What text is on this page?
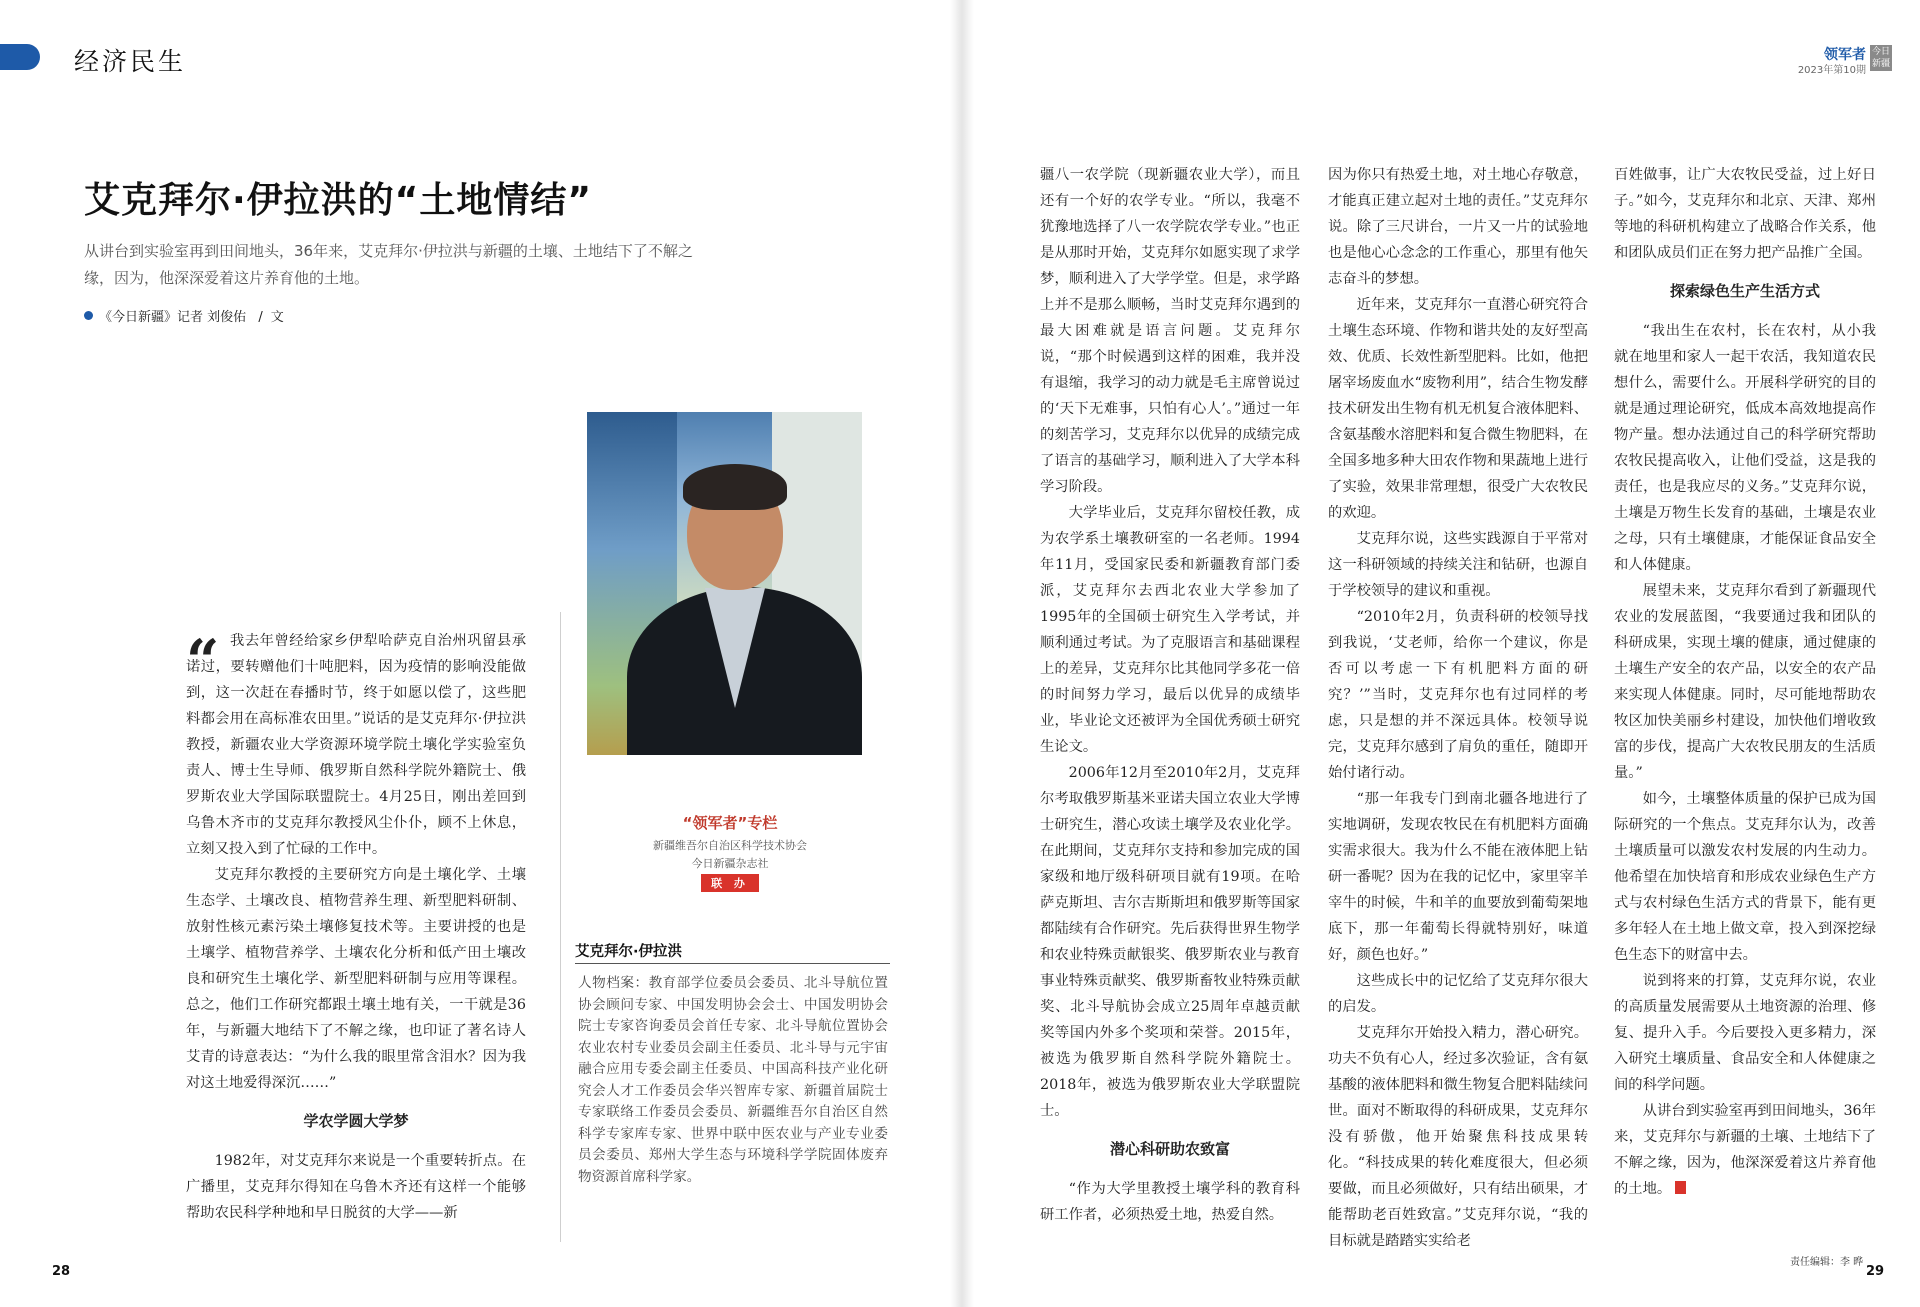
经济民生	领军者
2023年第10期
今日新疆
艾克拜尔·伊拉洪的“土地情结”
从讲台到实验室再到田间地头，36年来，艾克拜尔·伊拉洪与新疆的土壤、土地结下了不解之缘，因为，他深深爱着这片养育他的土地。
《今日新疆》记者 刘俊佑 / 文
“ 我去年曾经给家乡伊犁哈萨克自治州巩留县承诺过，要转赠他们十吨肥料，因为疫情的影响没能做到，这一次赶在春播时节，终于如愿以偿了，这些肥料都会用在高标准农田里。”说话的是艾克拜尔·伊拉洪教授，新疆农业大学资源环境学院土壤化学实验室负责人、博士生导师、俄罗斯自然科学院外籍院士、俄罗斯农业大学国际联盟院士。4月25日，刚出差回到乌鲁木齐市的艾克拜尔教授风尘仆仆，顾不上休息，立刻又投入到了忙碌的工作中。

艾克拜尔教授的主要研究方向是土壤化学、土壤生态学、土壤改良、植物营养生理、新型肥料研制、放射性核元素污染土壤修复技术等。主要讲授的也是土壤学、植物营养学、土壤农化分析和低产田土壤改良和研究生土壤化学、新型肥料研制与应用等课程。总之，他们工作研究都跟土壤土地有关，一干就是36年，与新疆大地结下了不解之缘，也印证了著名诗人艾青的诗意表达：“为什么我的眼里常含泪水？因为我对这土地爱得深沉……”

学农学圆大学梦

1982年，对艾克拜尔来说是一个重要转折点。在广播里，艾克拜尔得知在乌鲁木齐还有这样一个能够帮助农民科学种地和早日脱贫的大学——新

“领军者”专栏
新疆维吾尔自治区科学技术协会
今日新疆杂志社
联 办
艾克拜尔·伊拉洪
人物档案：教育部学位委员会委员、北斗导航位置协会顾问专家、中国发明协会会士、中国发明协会院士专家咨询委员会首任专家、北斗导航位置协会农业农村专业委员会副主任委员、北斗导与元宇宙融合应用专委会副主任委员、中国高科技产业化研究会人才工作委员会华兴智库专家、新疆首届院士专家联络工作委员会委员、新疆维吾尔自治区自然科学专家库专家、世界中联中医农业与产业专业委员会委员、郑州大学生态与环境科学学院固体废弃物资源首席科学家。

疆八一农学院（现新疆农业大学），而且还有一个好的农学专业。“所以，我毫不犹豫地选择了八一农学院农学专业。”也正是从那时开始，艾克拜尔如愿实现了求学梦，顺利进入了大学学堂。但是，求学路上并不是那么顺畅，当时艾克拜尔遇到的最大困难就是语言问题。艾克拜尔说，“那个时候遇到这样的困难，我并没有退缩，我学习的动力就是毛主席曾说过的‘天下无难事，只怕有心人’。”通过一年的刻苦学习，艾克拜尔以优异的成绩完成了语言的基础学习，顺利进入了大学本科学习阶段。

大学毕业后，艾克拜尔留校任教，成为农学系土壤教研室的一名老师。1994年11月，受国家民委和新疆教育部门委派，艾克拜尔去西北农业大学参加了1995年的全国硕士研究生入学考试，并顺利通过考试。为了克服语言和基础课程上的差异，艾克拜尔比其他同学多花一倍的时间努力学习，最后以优异的成绩毕业，毕业论文还被评为全国优秀硕士研究生论文。

2006年12月至2010年2月，艾克拜尔考取俄罗斯基米亚诺夫国立农业大学博士研究生，潜心攻读土壤学及农业化学。在此期间，艾克拜尔支持和参加完成的国家级和地厅级科研项目就有19项。在哈萨克斯坦、吉尔吉斯斯坦和俄罗斯等国家都陆续有合作研究。先后获得世界生物学和农业特殊贡献银奖、俄罗斯农业与教育事业特殊贡献奖、俄罗斯畜牧业特殊贡献奖、北斗导航协会成立25周年卓越贡献奖等国内外多个奖项和荣誉。2015年，被选为俄罗斯自然科学院外籍院士。2018年，被选为俄罗斯农业大学联盟院士。

潜心科研助农致富

“作为大学里教授土壤学科的教育科研工作者，必须热爱土地，热爱自然。

因为你只有热爱土地，对土地心存敬意，才能真正建立起对土地的责任。”艾克拜尔说。除了三尺讲台，一片又一片的试验地也是他心心念念的工作重心，那里有他矢志奋斗的梦想。

近年来，艾克拜尔一直潜心研究符合土壤生态环境、作物和谐共处的友好型高效、优质、长效性新型肥料。比如，他把屠宰场废血水“废物利用”，结合生物发酵技术研发出生物有机无机复合液体肥料、含氨基酸水溶肥料和复合微生物肥料，在全国多地多种大田农作物和果蔬地上进行了实验，效果非常理想，很受广大农牧民的欢迎。

艾克拜尔说，这些实践源自于平常对这一科研领域的持续关注和钻研，也源自于学校领导的建议和重视。

“2010年2月，负责科研的校领导找到我说，‘艾老师，给你一个建议，你是否可以考虑一下有机肥料方面的研究？’”当时，艾克拜尔也有过同样的考虑，只是想的并不深远具体。校领导说完，艾克拜尔感到了肩负的重任，随即开始付诸行动。

“那一年我专门到南北疆各地进行了实地调研，发现农牧民在有机肥料方面确实需求很大。我为什么不能在液体肥上钻研一番呢？因为在我的记忆中，家里宰羊宰牛的时候，牛和羊的血要放到葡萄架地底下，那一年葡萄长得就特别好，味道好，颜色也好。”

这些成长中的记忆给了艾克拜尔很大的启发。

艾克拜尔开始投入精力，潜心研究。功夫不负有心人，经过多次验证，含有氨基酸的液体肥料和微生物复合肥料陆续问世。面对不断取得的科研成果，艾克拜尔没有骄傲，他开始聚焦科技成果转化。“科技成果的转化难度很大，但必须要做，而且必须做好，只有结出硕果，才能帮助老百姓致富。”艾克拜尔说，“我的目标就是踏踏实实给老

百姓做事，让广大农牧民受益，过上好日子。”如今，艾克拜尔和北京、天津、郑州等地的科研机构建立了战略合作关系，他和团队成员们正在努力把产品推广全国。

探索绿色生产生活方式

“我出生在农村，长在农村，从小我就在地里和家人一起干农活，我知道农民想什么，需要什么。开展科学研究的目的就是通过理论研究，低成本高效地提高作物产量。想办法通过自己的科学研究帮助农牧民提高收入，让他们受益，这是我的责任，也是我应尽的义务。”艾克拜尔说，土壤是万物生长发育的基础，土壤是农业之母，只有土壤健康，才能保证食品安全和人体健康。

展望未来，艾克拜尔看到了新疆现代农业的发展蓝图，“我要通过我和团队的科研成果，实现土壤的健康，通过健康的土壤生产安全的农产品，以安全的农产品来实现人体健康。同时，尽可能地帮助农牧区加快美丽乡村建设，加快他们增收致富的步伐，提高广大农牧民朋友的生活质量。”

如今，土壤整体质量的保护已成为国际研究的一个焦点。艾克拜尔认为，改善土壤质量可以激发农村发展的内生动力。他希望在加快培育和形成农业绿色生产方式与农村绿色生活方式的背景下，能有更多年轻人在土地上做文章，投入到深挖绿色生态下的财富中去。

说到将来的打算，艾克拜尔说，农业的高质量发展需要从土地资源的治理、修复、提升入手。今后要投入更多精力，深入研究土壤质量、食品安全和人体健康之间的科学问题。

从讲台到实验室再到田间地头，36年来，艾克拜尔与新疆的土壤、土地结下了不解之缘，因为，他深深爱着这片养育他的土地。

28	29
责任编辑：李 晔
